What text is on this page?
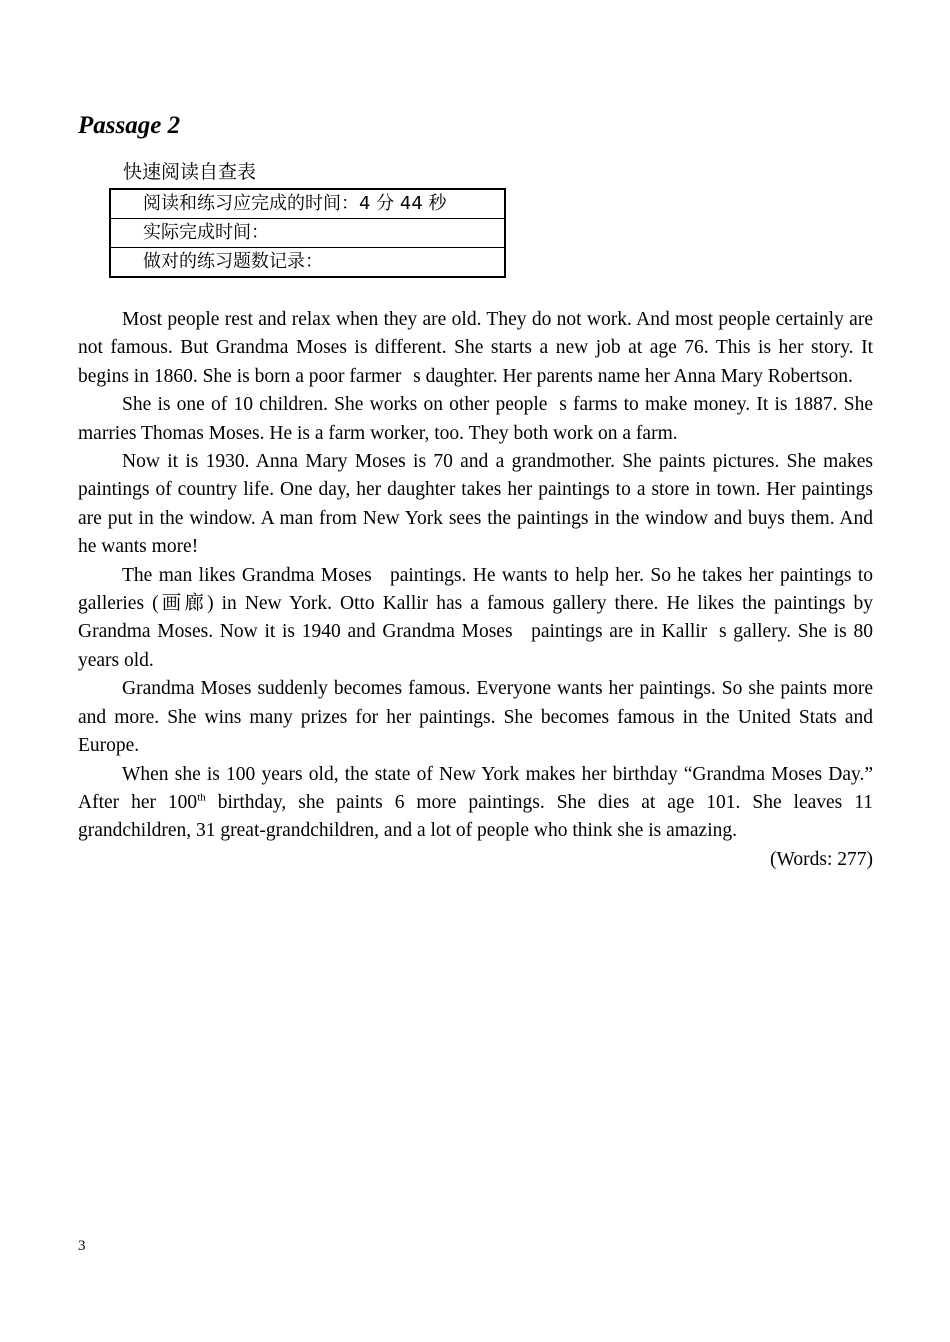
Passage 2
快速阅读自查表
阅读和练习应完成的时间：4 分 44 秒
实际完成时间：
做对的练习题数记录：

Most people rest and relax when they are old. They do not work. And most people certainly are not famous. But Grandma Moses is different. She starts a new job at age 76. This is her story. It begins in 1860. She is born a poor farmers daughter. Her parents name her Anna Mary Robertson.

She is one of 10 children. She works on other peoples farms to make money. It is 1887. She marries Thomas Moses. He is a farm worker, too. They both work on a farm.

Now it is 1930. Anna Mary Moses is 70 and a grandmother. She paints pictures. She makes paintings of country life. One day, her daughter takes her paintings to a store in town. Her paintings are put in the window. A man from New York sees the paintings in the window and buys them. And he wants more!

The man likes Grandma Moses paintings. He wants to help her. So he takes her paintings to galleries (画廊) in New York. Otto Kallir has a famous gallery there. He likes the paintings by Grandma Moses. Now it is 1940 and Grandma Moses paintings are in Kallirs gallery. She is 80 years old.

Grandma Moses suddenly becomes famous. Everyone wants her paintings. So she paints more and more. She wins many prizes for her paintings. She becomes famous in the United Stats and Europe.

When she is 100 years old, the state of New York makes her birthday “Grandma Moses Day.” After her 100th birthday, she paints 6 more paintings. She dies at age 101. She leaves 11 grandchildren, 31 great-grandchildren, and a lot of people who think she is amazing.

(Words: 277)

3
